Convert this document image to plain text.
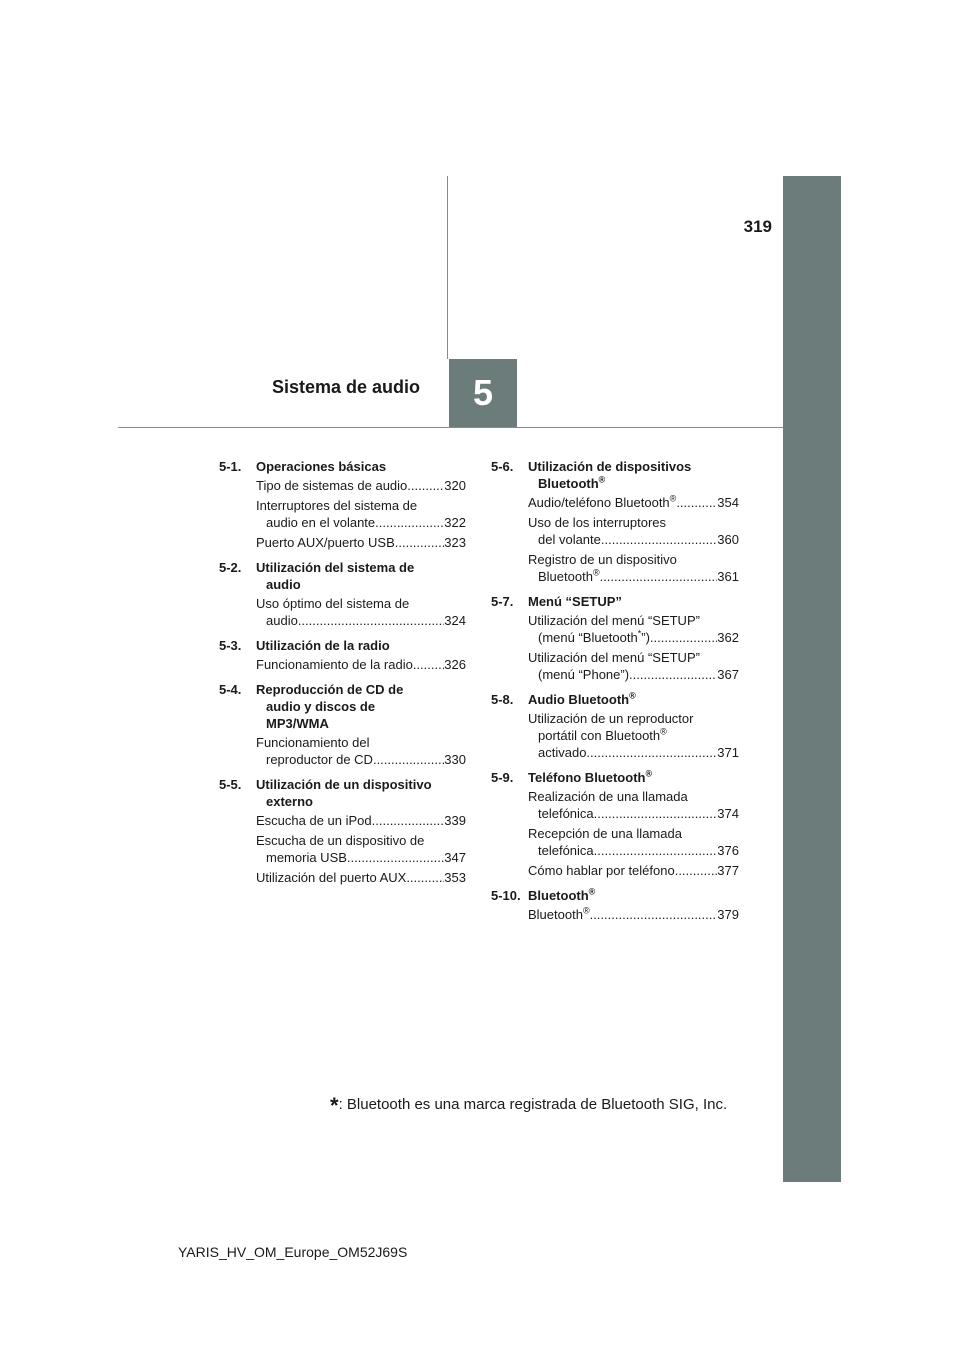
319
Sistema de audio 5
5-1.	Operaciones básicas
Tipo de sistemas de audio .....	320
Interruptores del sistema de
audio en el volante .....	322
Puerto AUX/puerto USB .....	323
5-2.	Utilización del sistema de
audio
Uso óptimo del sistema de
audio .....	324
5-3.	Utilización de la radio
Funcionamiento de la radio ..... 326
5-4.	Reproducción de CD de
audio y discos de
MP3/WMA
Funcionamiento del
reproductor de CD .....	330
5-5.	Utilización de un dispositivo
externo
Escucha de un iPod .....	339
Escucha de un dispositivo de
memoria USB .....	347
Utilización del puerto AUX .....	353
5-6.	Utilización de dispositivos
Bluetooth®
Audio/teléfono Bluetooth® .....	354
Uso de los interruptores
del volante .....	360
Registro de un dispositivo
Bluetooth® .....	361
5-7.	Menú “SETUP”
Utilización del menú “SETUP”
(menú “Bluetooth*”) .....	362
Utilización del menú “SETUP”
(menú “Phone”) .....	367
5-8.	Audio Bluetooth®
Utilización de un reproductor
portátil con Bluetooth®
activado .....	371
5-9.	Teléfono Bluetooth®
Realización de una llamada
telefónica .....	374
Recepción de una llamada
telefónica .....	376
Cómo hablar por teléfono .....	377
5-10. Bluetooth®
Bluetooth® .....	379
*: Bluetooth es una marca registrada de Bluetooth SIG, Inc.
YARIS_HV_OM_Europe_OM52J69S
